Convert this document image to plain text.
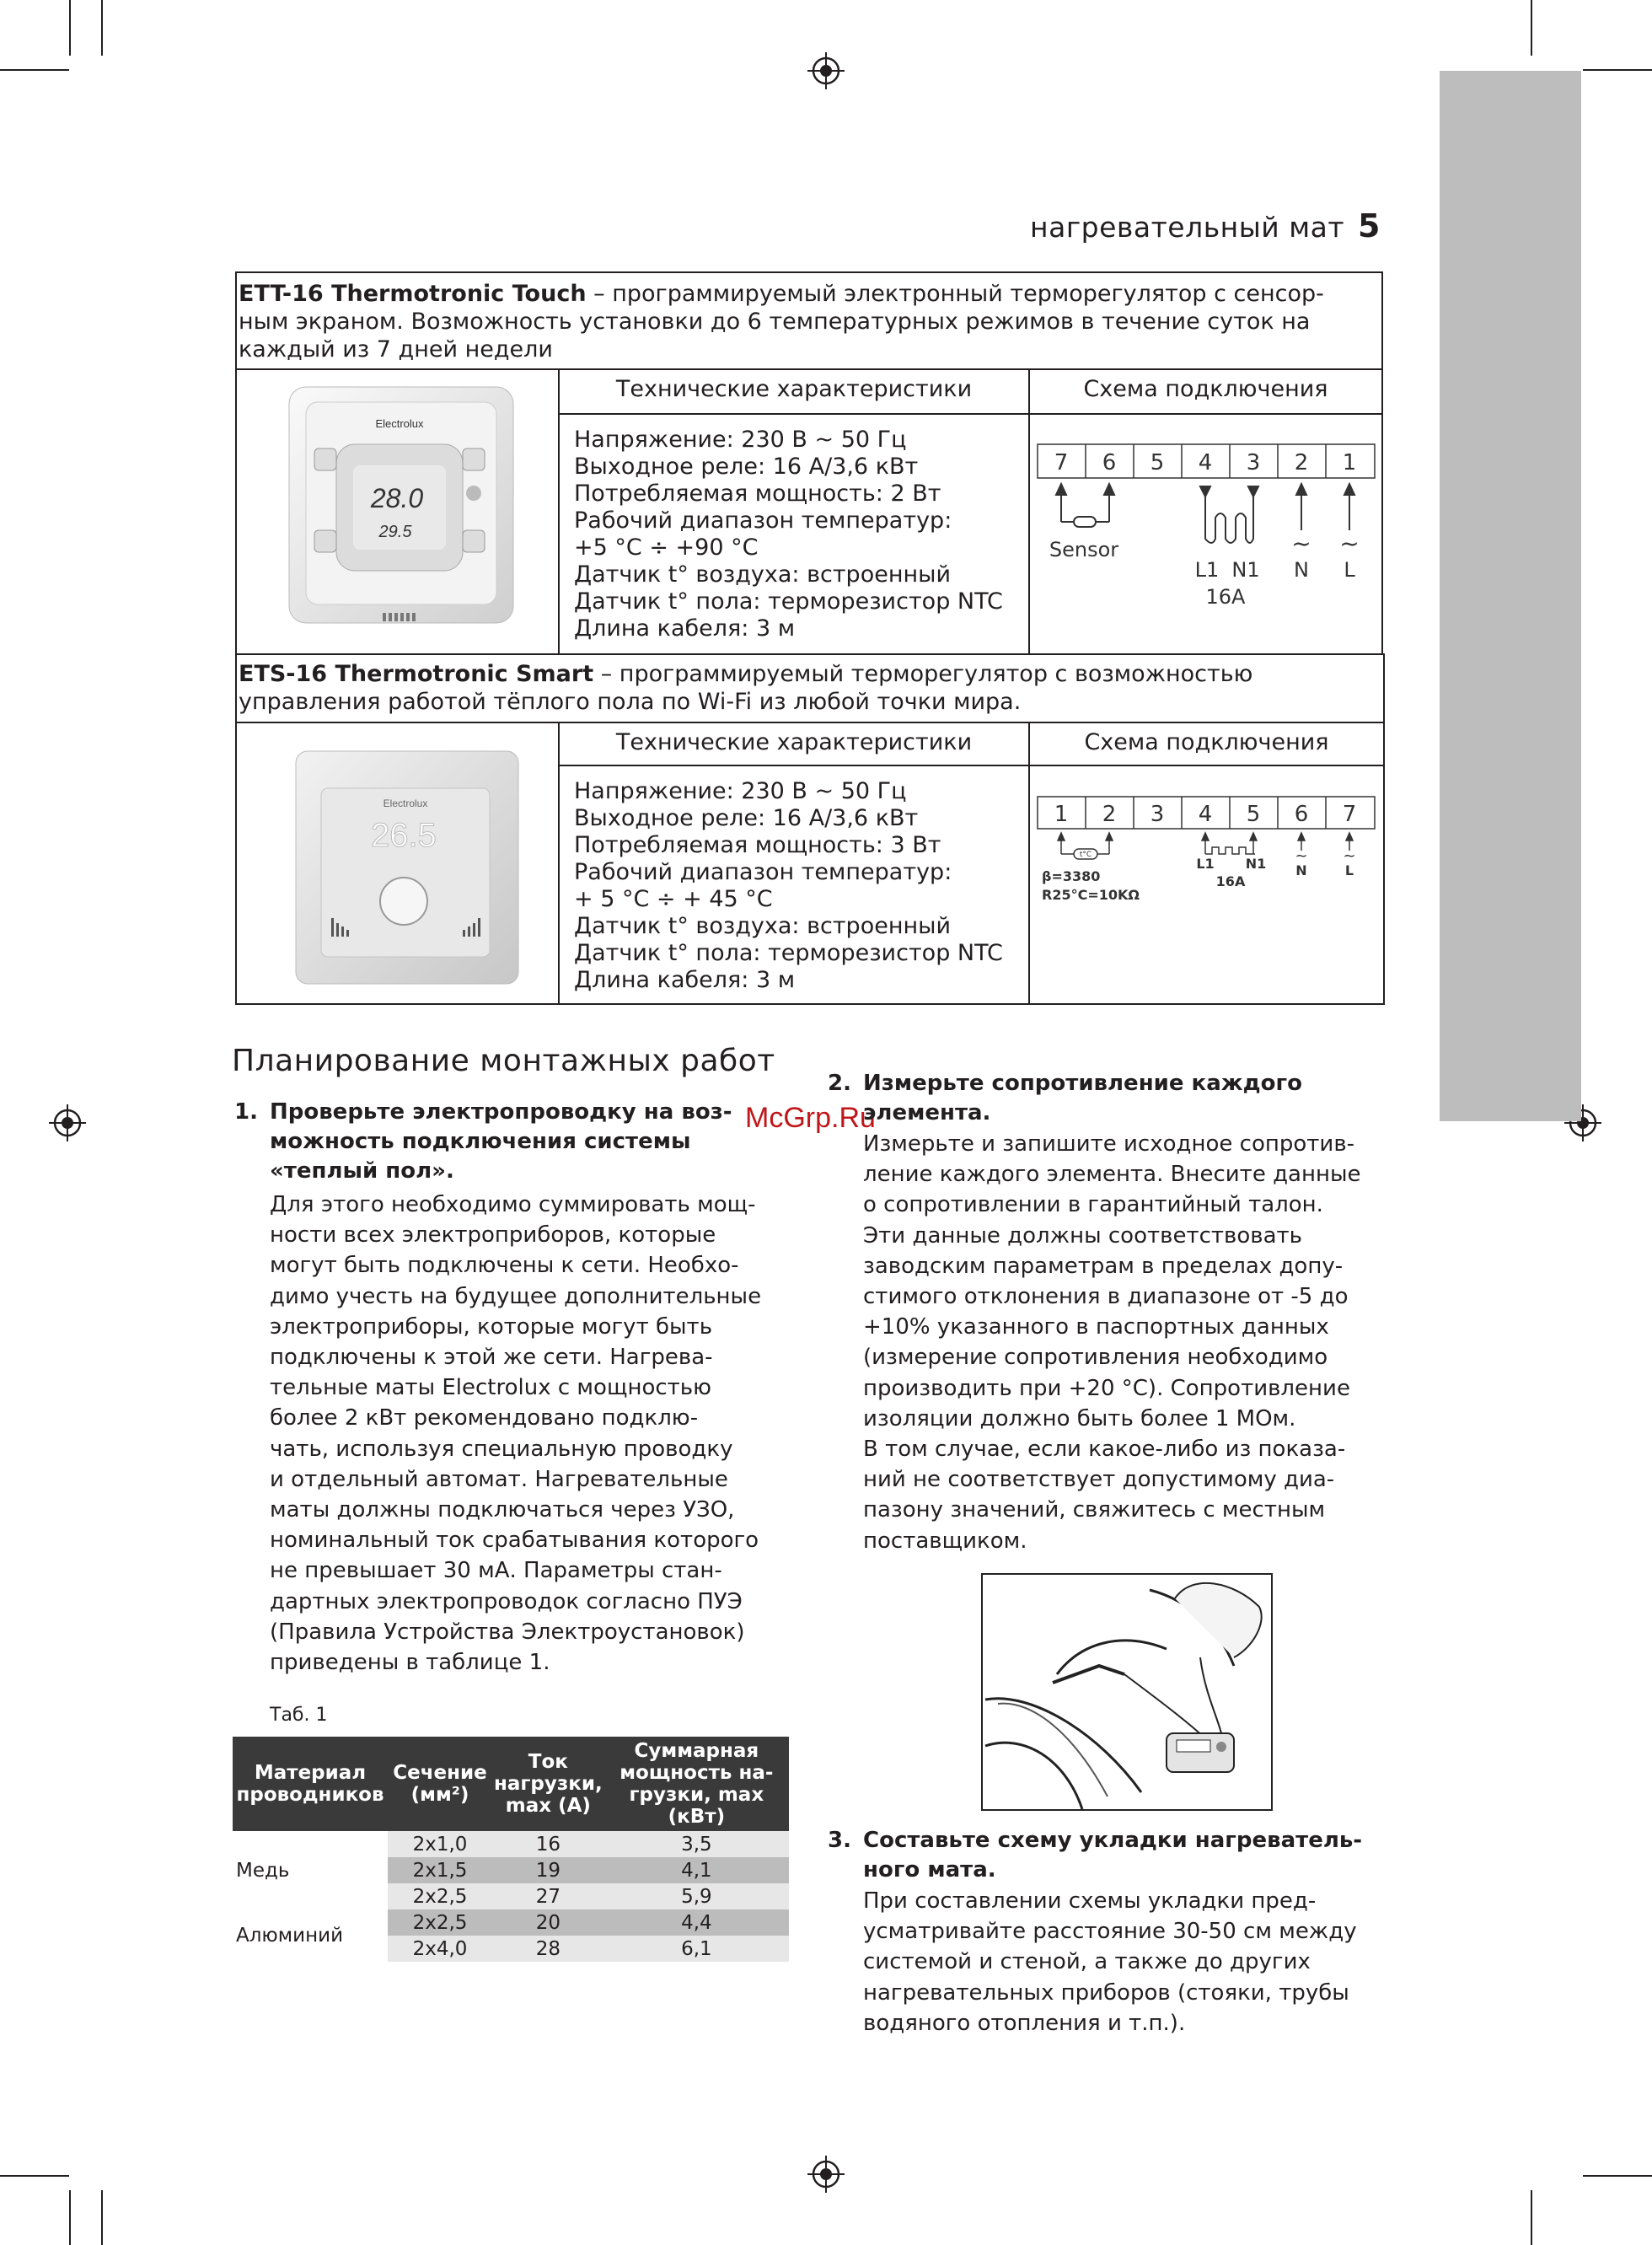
нагревательный мат 5
ETT-16 Thermotronic Touch – программируемый электронный терморегулятор с сенсор-
ным экраном. Возможность установки до 6 температурных режимов в течение суток на
каждый из 7 дней недели
Технические характеристики	Схема подключения
Electrolux
28.0
29.5
Напряжение: 230 В ~ 50 Гц
Выходное реле: 16 А/3,6 кВт
Потребляемая мощность: 2 Вт
Рабочий диапазон температур:
+5 °С ÷ +90 °С
Датчик t° воздуха: встроенный
Датчик t° пола: терморезистор NTC
Длина кабеля: 3 м
7 6 5 4 3 2 1
~ ~
Sensor
L1 N1 N L
16A
ETS-16 Thermotronic Smart – программируемый терморегулятор с возможностью
управления работой тёплого пола по Wi-Fi из любой точки мира.
Технические характеристики	Схема подключения
Electrolux
26.5
Напряжение: 230 В ~ 50 Гц
Выходное реле: 16 А/3,6 кВт
Потребляемая мощность: 3 Вт
Рабочий диапазон температур:
+ 5 °С ÷ + 45 °С
Датчик t° воздуха: встроенный
Датчик t° пола: терморезистор NTC
Длина кабеля: 3 м
1 2 3 4 5 6 7
t°C	~ ~
L1 N1 N	L
16A
β=3380
R25°C=10KΩ
Планирование монтажных работ
McGrp.Ru
1. Проверьте электропроводку на воз-
можность подключения системы
«теплый пол».
Для этого необходимо суммировать мощ-
ности всех электроприборов, которые
могут быть подключены к сети. Необхо-
димо учесть на будущее дополнительные
электроприборы, которые могут быть
подключены к этой же сети. Нагрева-
тельные маты Electrolux с мощностью
более 2 кВт рекомендовано подклю-
чать, используя специальную проводку
и отдельный автомат. Нагревательные
маты должны подключаться через УЗО,
номинальный ток срабатывания которого
не превышает 30 мА. Параметры стан-
дартных электропроводок согласно ПУЭ
(Правила Устройства Электроустановок)
приведены в таблице 1.
Таб. 1
Материал проводников	Сечение (мм²)	Ток нагрузки, max (А)	Суммарная мощность на-грузки, max (кВт)
Медь	2х1,0	16	3,5
	2х1,5	19	4,1
	2х2,5	27	5,9
Алюминий	2х2,5	20	4,4
	2х4,0	28	6,1
2. Измерьте сопротивление каждого
элемента.
Измерьте и запишите исходное сопротив-
ление каждого элемента. Внесите данные
о сопротивлении в гарантийный талон.
Эти данные должны соответствовать
заводским параметрам в пределах допу-
стимого отклонения в диапазоне от -5 до
+10% указанного в паспортных данных
(измерение сопротивления необходимо
производить при +20 °С). Сопротивление
изоляции должно быть более 1 МОм.
В том случае, если какое-либо из показа-
ний не соответствует допустимому диа-
пазону значений, свяжитесь с местным
поставщиком.
3. Составьте схему укладки нагреватель-
ного мата.
При составлении схемы укладки пред-
усматривайте расстояние 30-50 см между
системой и стеной, а также до других
нагревательных приборов (стояки, трубы
водяного отопления и т.п.).
